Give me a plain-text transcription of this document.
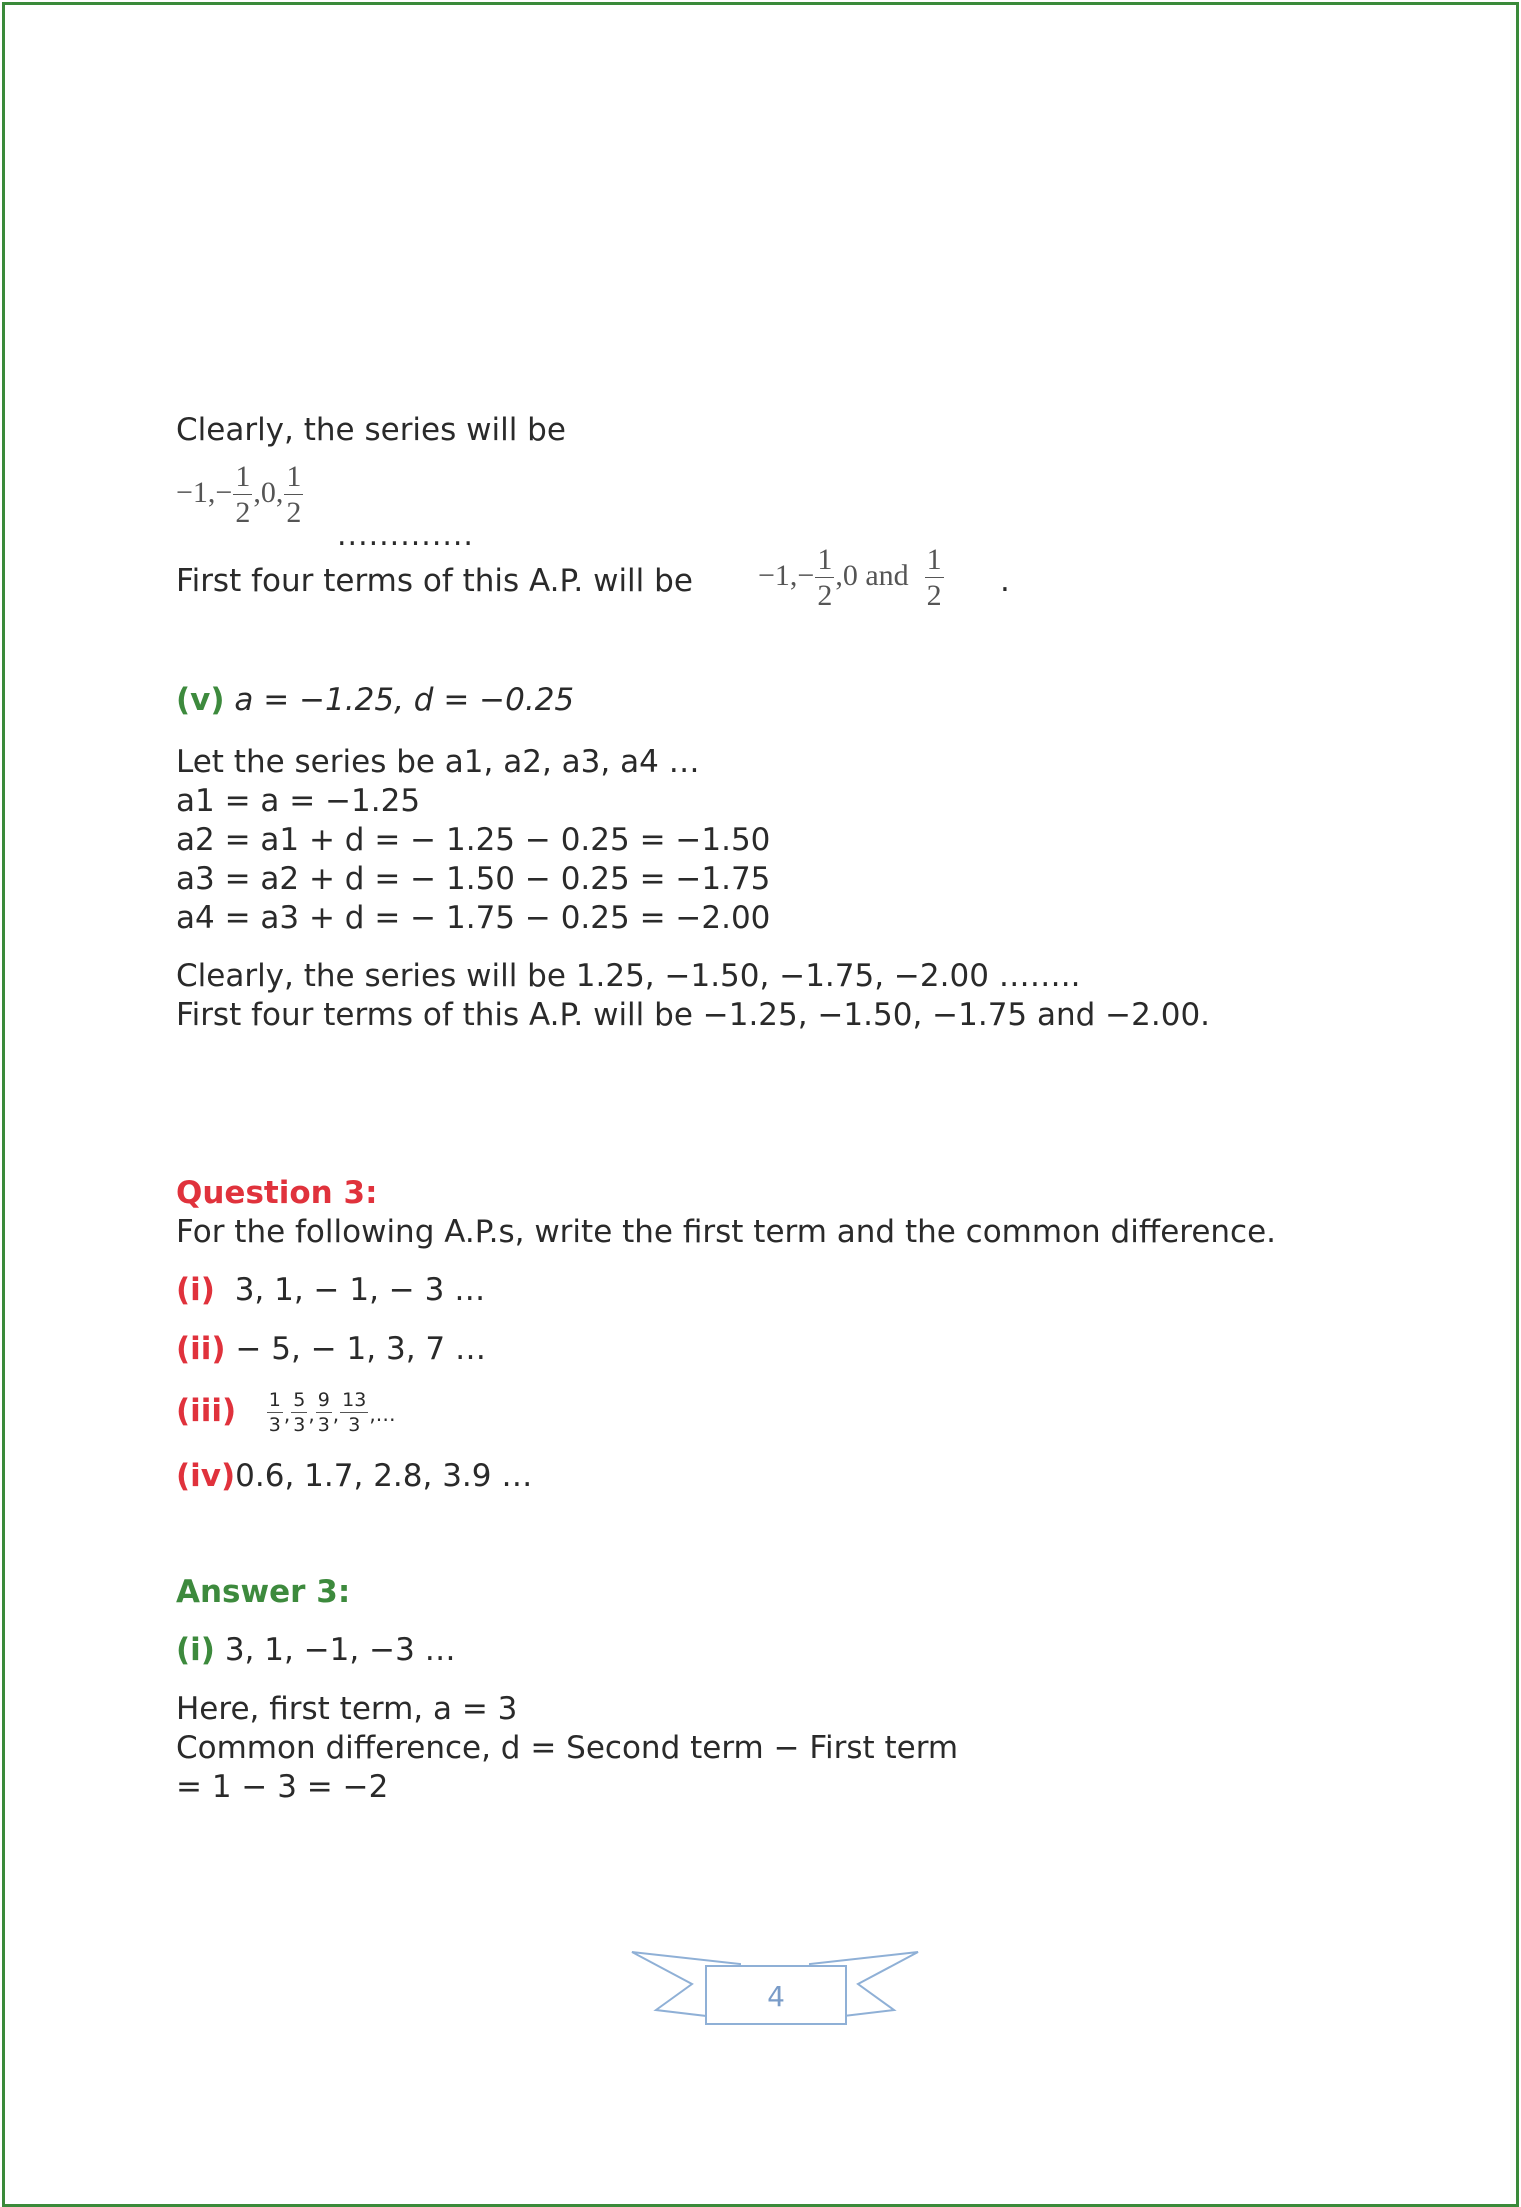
Clearly, the series will be
$-1,- \frac{1}{2} ,0$, $\frac{1}{2}$
.............
First four terms of this A.P. will be $-1,- \frac{1}{2} ,0$ and $\frac{1}{2}$ .
(v) a = −1.25, d = −0.25
Let the series be a1, a2, a3, a4 …
a1 = a = −1.25
a2 = a1 + d = − 1.25 − 0.25 = −1.50
a3 = a2 + d = − 1.50 − 0.25 = −1.75
a4 = a3 + d = − 1.75 − 0.25 = −2.00
Clearly, the series will be 1.25, −1.50, −1.75, −2.00 ……..
First four terms of this A.P. will be −1.25, −1.50, −1.75 and −2.00.
Question 3:
For the following A.P.s, write the first term and the common difference.
(i) 3, 1, − 1, − 3 …
(ii) − 5, − 1, 3, 7 …
$(iii) \frac{1}{3}$ , $\frac{5}{3}$ , $\frac{9}{3}$ , $\frac{13}{3}$ ,…
(iv)0.6, 1.7, 2.8, 3.9 …
Answer 3:
(i) 3, 1, −1, −3 …
Here, first term, a = 3
Common difference, d = Second term − First term
= 1 − 3 = −2
4
